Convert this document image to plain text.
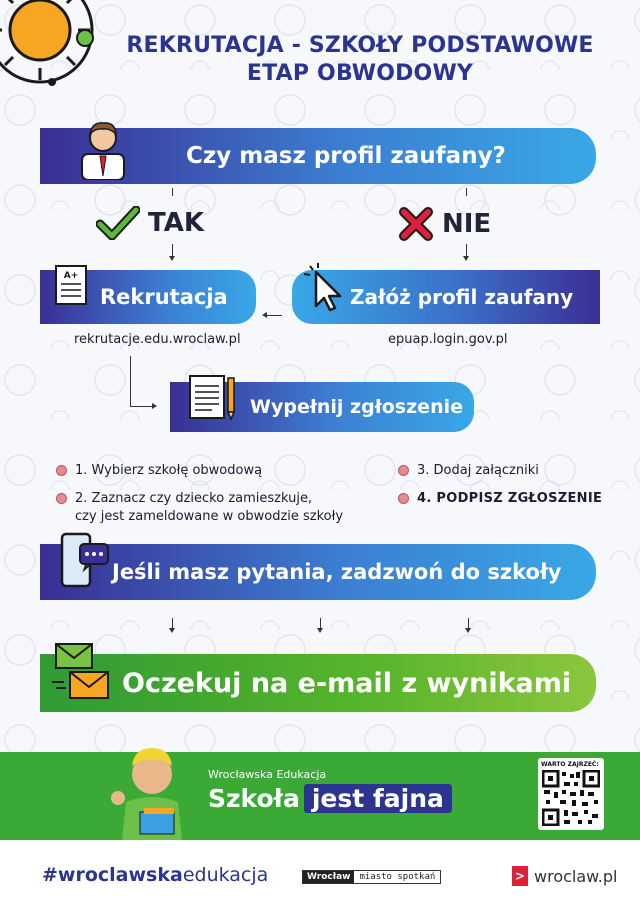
REKRUTACJA - SZKOŁY PODSTAWOWE
ETAP OBWODOWY
Czy masz profil zaufany?
TAK	NIE
Rekrutacja
A+
rekrutacje.edu.wroclaw.pl
Załóż profil zaufany
epuap.login.gov.pl
Wypełnij zgłoszenie
1. Wybierz szkołę obwodową
2. Zaznacz czy dziecko zamieszkuje,
czy jest zameldowane w obwodzie szkoły
3. Dodaj załączniki
4. PODPISZ ZGŁOSZENIE
Jeśli masz pytania, zadzwoń do szkoły
Oczekuj na e-mail z wynikami
Wrocławska Edukacja
Szkoła jest fajna
WARTO ZAJRZEĆ:
#wroclawskaedukacja	Wrocław	miasto spotkań	> wroclaw.pl
